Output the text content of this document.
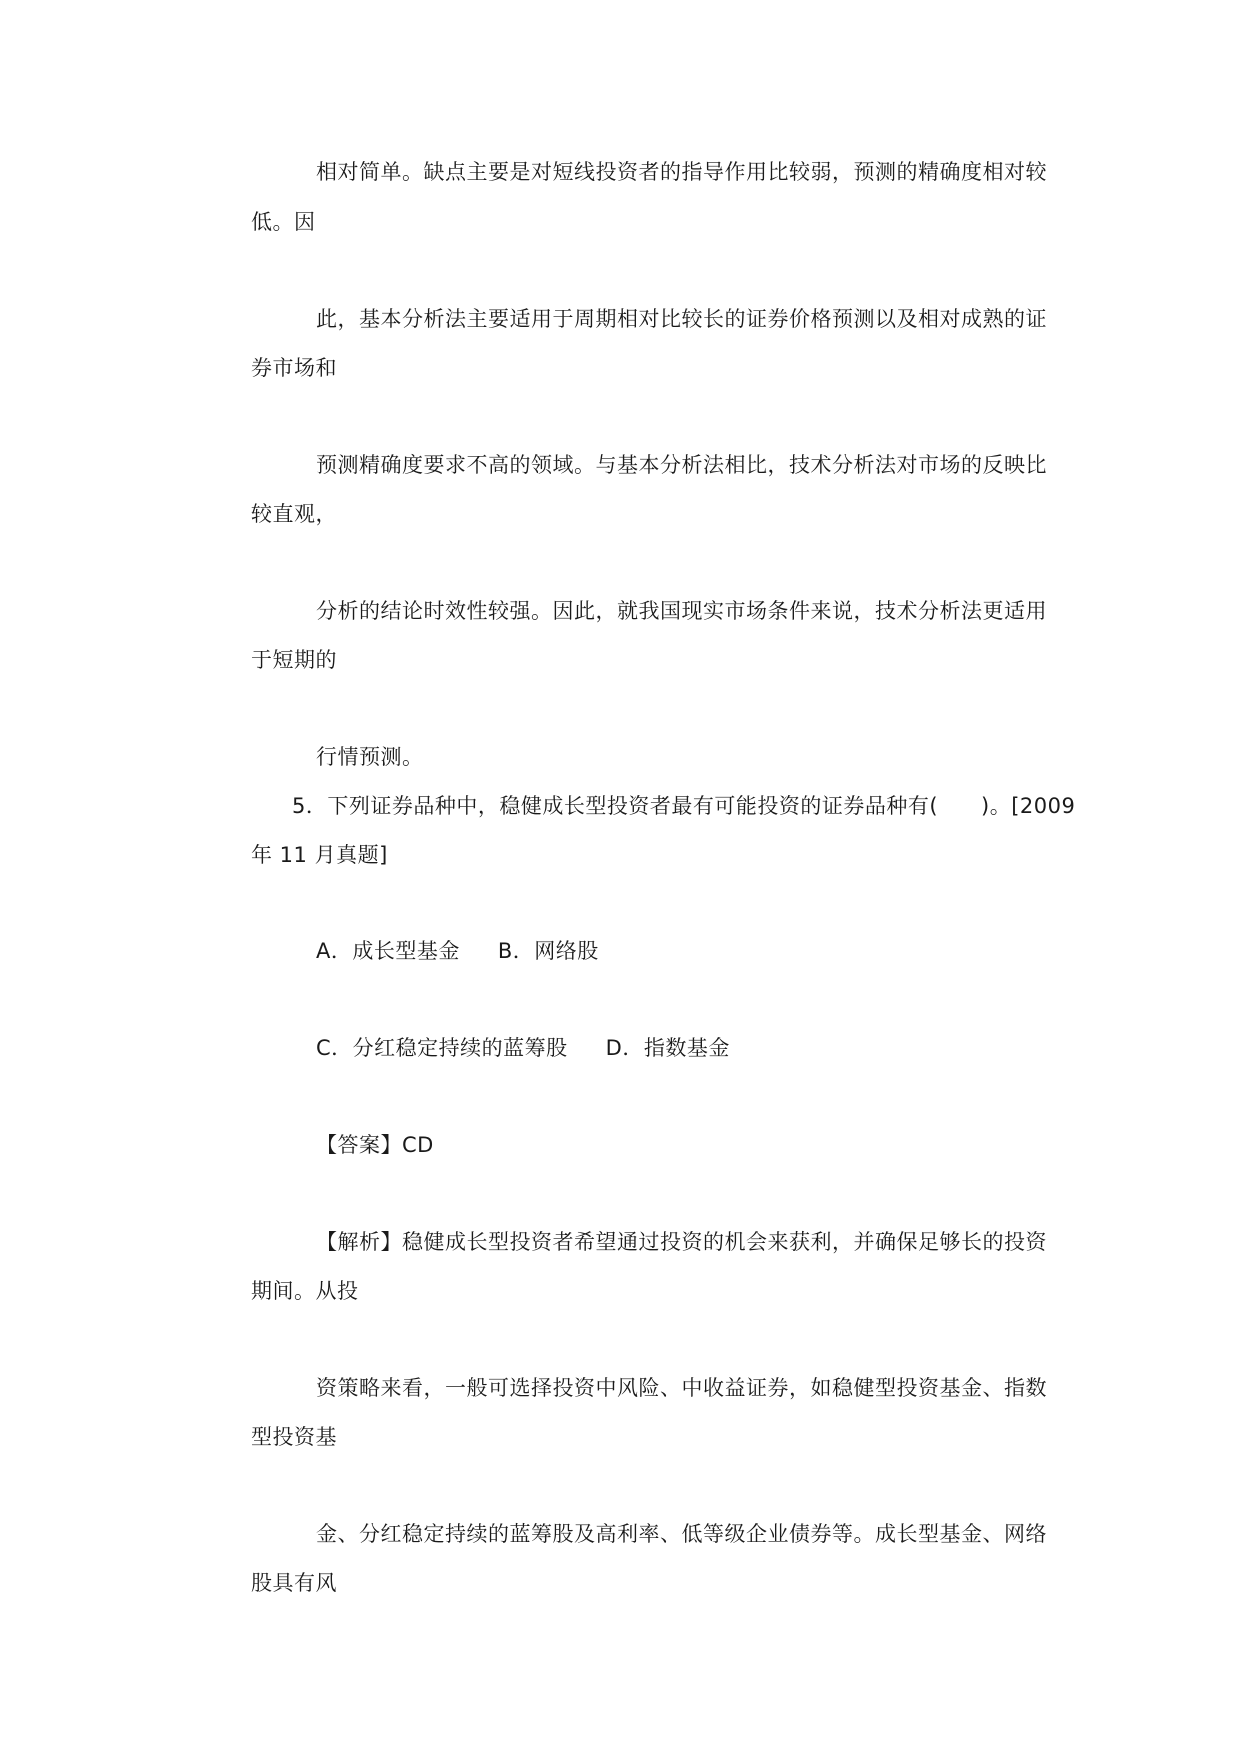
相对简单。缺点主要是对短线投资者的指导作用比较弱，预测的精确度相对较

低。因

此，基本分析法主要适用于周期相对比较长的证券价格预测以及相对成熟的证

券市场和

预测精确度要求不高的领域。与基本分析法相比，技术分析法对市场的反映比

较直观，

分析的结论时效性较强。因此，就我国现实市场条件来说，技术分析法更适用

于短期的

行情预测。

5．下列证券品种中，稳健成长型投资者最有可能投资的证券品种有(　　)。[2009

年 11 月真题]

A．成长型基金 B．网络股

C．分红稳定持续的蓝筹股 D．指数基金

【答案】CD

【解析】稳健成长型投资者希望通过投资的机会来获利，并确保足够长的投资

期间。从投

资策略来看，一般可选择投资中风险、中收益证券，如稳健型投资基金、指数

型投资基

金、分红稳定持续的蓝筹股及高利率、低等级企业债券等。成长型基金、网络

股具有风
